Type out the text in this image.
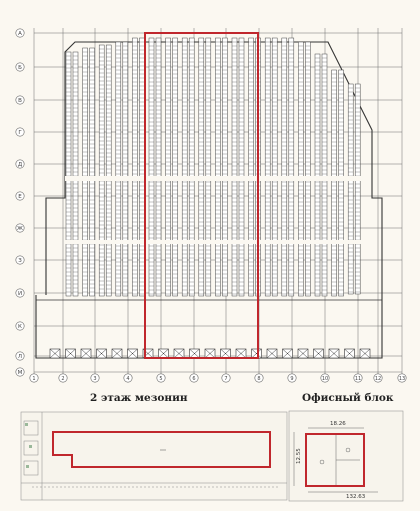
А
Б
В
Г
Д
Е
Ж
З
И
К
Л
М
1	2	3	4	5	6	7	8	9	10	11	12	13
2 этаж мезонин	Офисный блок
18.26
12.55
132.63
